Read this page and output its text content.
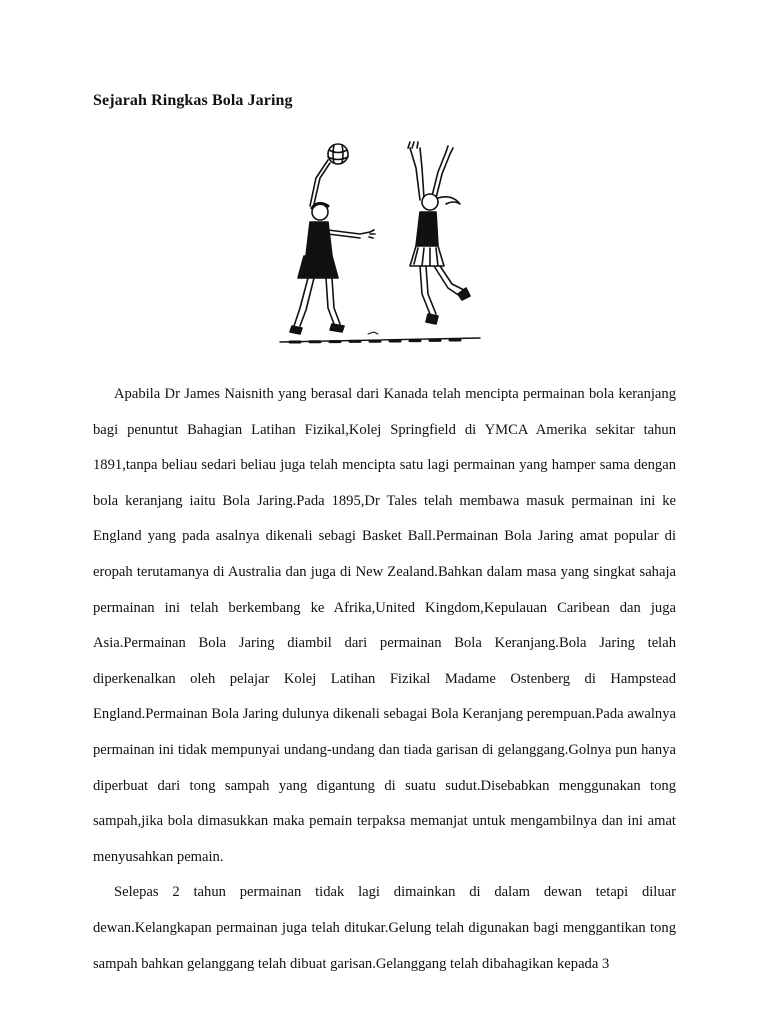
Sejarah Ringkas Bola Jaring

Apabila Dr James Naisnith yang berasal dari Kanada telah mencipta permainan bola keranjang bagi penuntut Bahagian Latihan Fizikal,Kolej Springfield di YMCA Amerika sekitar tahun 1891,tanpa beliau sedari beliau juga telah mencipta satu lagi permainan yang hamper sama dengan bola keranjang iaitu Bola Jaring.Pada 1895,Dr Tales telah membawa masuk permainan ini ke England yang pada asalnya dikenali sebagi Basket Ball.Permainan Bola Jaring amat popular di eropah terutamanya di Australia dan juga di New Zealand.Bahkan dalam masa yang singkat sahaja permainan ini telah berkembang ke Afrika,United Kingdom,Kepulauan Caribean dan juga Asia.Permainan Bola Jaring diambil dari permainan Bola Keranjang.Bola Jaring telah diperkenalkan oleh pelajar Kolej Latihan Fizikal Madame Ostenberg di Hampstead England.Permainan Bola Jaring dulunya dikenali sebagai Bola Keranjang perempuan.Pada awalnya permainan ini tidak mempunyai undang-undang dan tiada garisan di gelanggang.Golnya pun hanya diperbuat dari tong sampah yang digantung di suatu sudut.Disebabkan menggunakan tong sampah,jika bola dimasukkan maka pemain terpaksa memanjat untuk mengambilnya dan ini amat menyusahkan pemain.

Selepas 2 tahun permainan tidak lagi dimainkan di dalam dewan tetapi diluar dewan.Kelangkapan permainan juga telah ditukar.Gelung telah digunakan bagi menggantikan tong sampah bahkan gelanggang telah dibuat garisan.Gelanggang telah dibahagikan kepada 3
